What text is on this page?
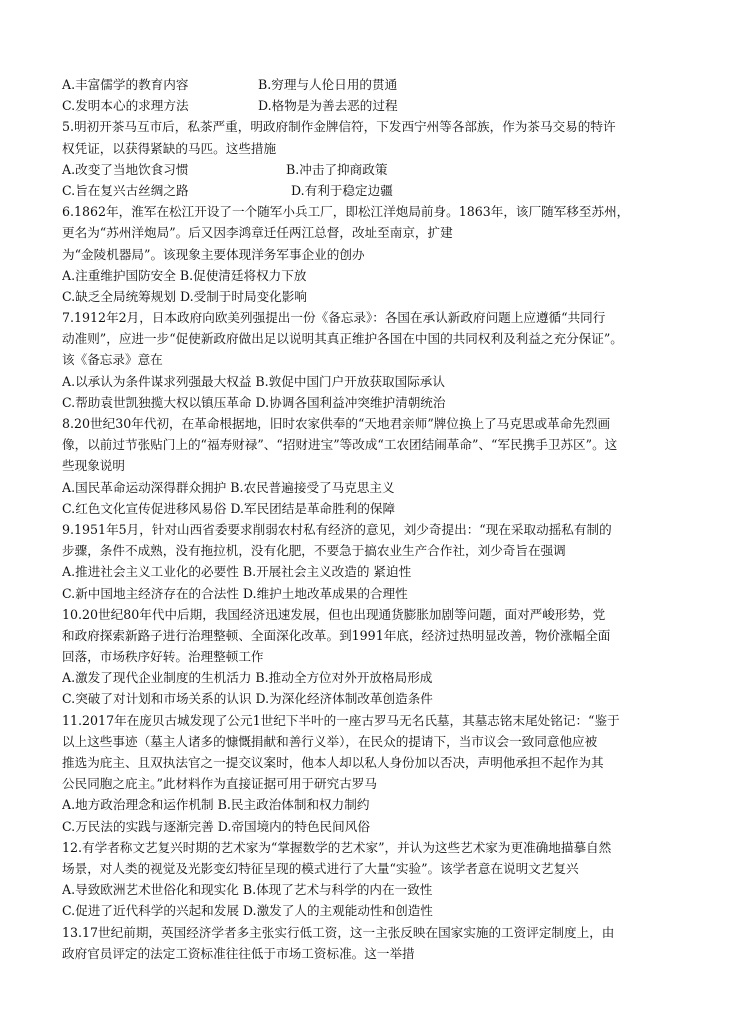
A.丰富儒学的教育内容	B.穷理与人伦日用的贯通
C.发明本心的求理方法	D.格物是为善去恶的过程
5.明初开茶马互市后，私茶严重，明政府制作金牌信符，下发西宁州等各部族，作为茶马交易的特许
权凭证，以获得紧缺的马匹。这些措施
A.改变了当地饮食习惯	B.冲击了抑商政策
C.旨在复兴古丝绸之路	D.有利于稳定边疆
6.1862年，淮军在松江开设了一个随军小兵工厂，即松江洋炮局前身。1863年，该厂随军移至苏州，
更名为“苏州洋炮局”。后又因李鸿章迁任两江总督，改址至南京，扩建
为“金陵机器局”。该现象主要体现洋务军事企业的创办
A.注重维护国防安全 B.促使清廷将权力下放
C.缺乏全局统筹规划 D.受制于时局变化影响
7.1912年2月，日本政府向欧美列强提出一份《备忘录》：各国在承认新政府问题上应遵循“共同行
动准则”，应进一步“促使新政府做出足以说明其真正维护各国在中国的共同权利及利益之充分保证”。
该《备忘录》意在
A.以承认为条件谋求列强最大权益 B.敦促中国门户开放获取国际承认
C.帮助袁世凯独揽大权以镇压革命 D.协调各国利益冲突维护清朝统治
8.20世纪30年代初，在革命根据地，旧时农家供奉的“天地君亲师”牌位换上了马克思或革命先烈画
像，以前过节张贴门上的“福寿财禄”、“招财进宝”等改成“工农团结闹革命”、“军民携手卫苏区”。这
些现象说明
A.国民革命运动深得群众拥护 B.农民普遍接受了马克思主义
C.红色文化宣传促进移风易俗 D.军民团结是革命胜利的保障
9.1951年5月，针对山西省委要求削弱农村私有经济的意见，刘少奇提出：“现在采取动摇私有制的
步骤，条件不成熟，没有拖拉机，没有化肥，不要急于搞农业生产合作社，刘少奇旨在强调
A.推进社会主义工业化的必要性 B.开展社会主义改造的 紧迫性
C.新中国地主经济存在的合法性 D.维护土地改革成果的合理性
10.20世纪80年代中后期，我国经济迅速发展，但也出现通货膨胀加剧等问题，面对严峻形势，党
和政府探索新路子进行治理整顿、全面深化改革。到1991年底，经济过热明显改善，物价涨幅全面
回落，市场秩序好转。治理整顿工作
A.激发了现代企业制度的生机活力 B.推动全方位对外开放格局形成
C.突破了对计划和市场关系的认识 D.为深化经济体制改革创造条件
11.2017年在庞贝古城发现了公元1世纪下半叶的一座古罗马无名氏墓，其墓志铭末尾处铭记：“鉴于
以上这些事迹（墓主人诸多的慷慨捐献和善行义举），在民众的提请下，当市议会一致同意他应被
推选为庇主、且双执法官之一提交议案时，他本人却以私人身份加以否决，声明他承担不起作为其
公民同胞之庇主。”此材料作为直接证据可用于研究古罗马
A.地方政治理念和运作机制 B.民主政治体制和权力制约
C.万民法的实践与逐渐完善 D.帝国境内的特色民间风俗
12.有学者称文艺复兴时期的艺术家为“掌握数学的艺术家”，并认为这些艺术家为更准确地描摹自然
场景，对人类的视觉及光影变幻特征呈现的模式进行了大量“实验”。该学者意在说明文艺复兴
A.导致欧洲艺术世俗化和现实化 B.体现了艺术与科学的内在一致性
C.促进了近代科学的兴起和发展 D.激发了人的主观能动性和创造性
13.17世纪前期，英国经济学者多主张实行低工资，这一主张反映在国家实施的工资评定制度上，由
政府官员评定的法定工资标准往往低于市场工资标准。这一举措
